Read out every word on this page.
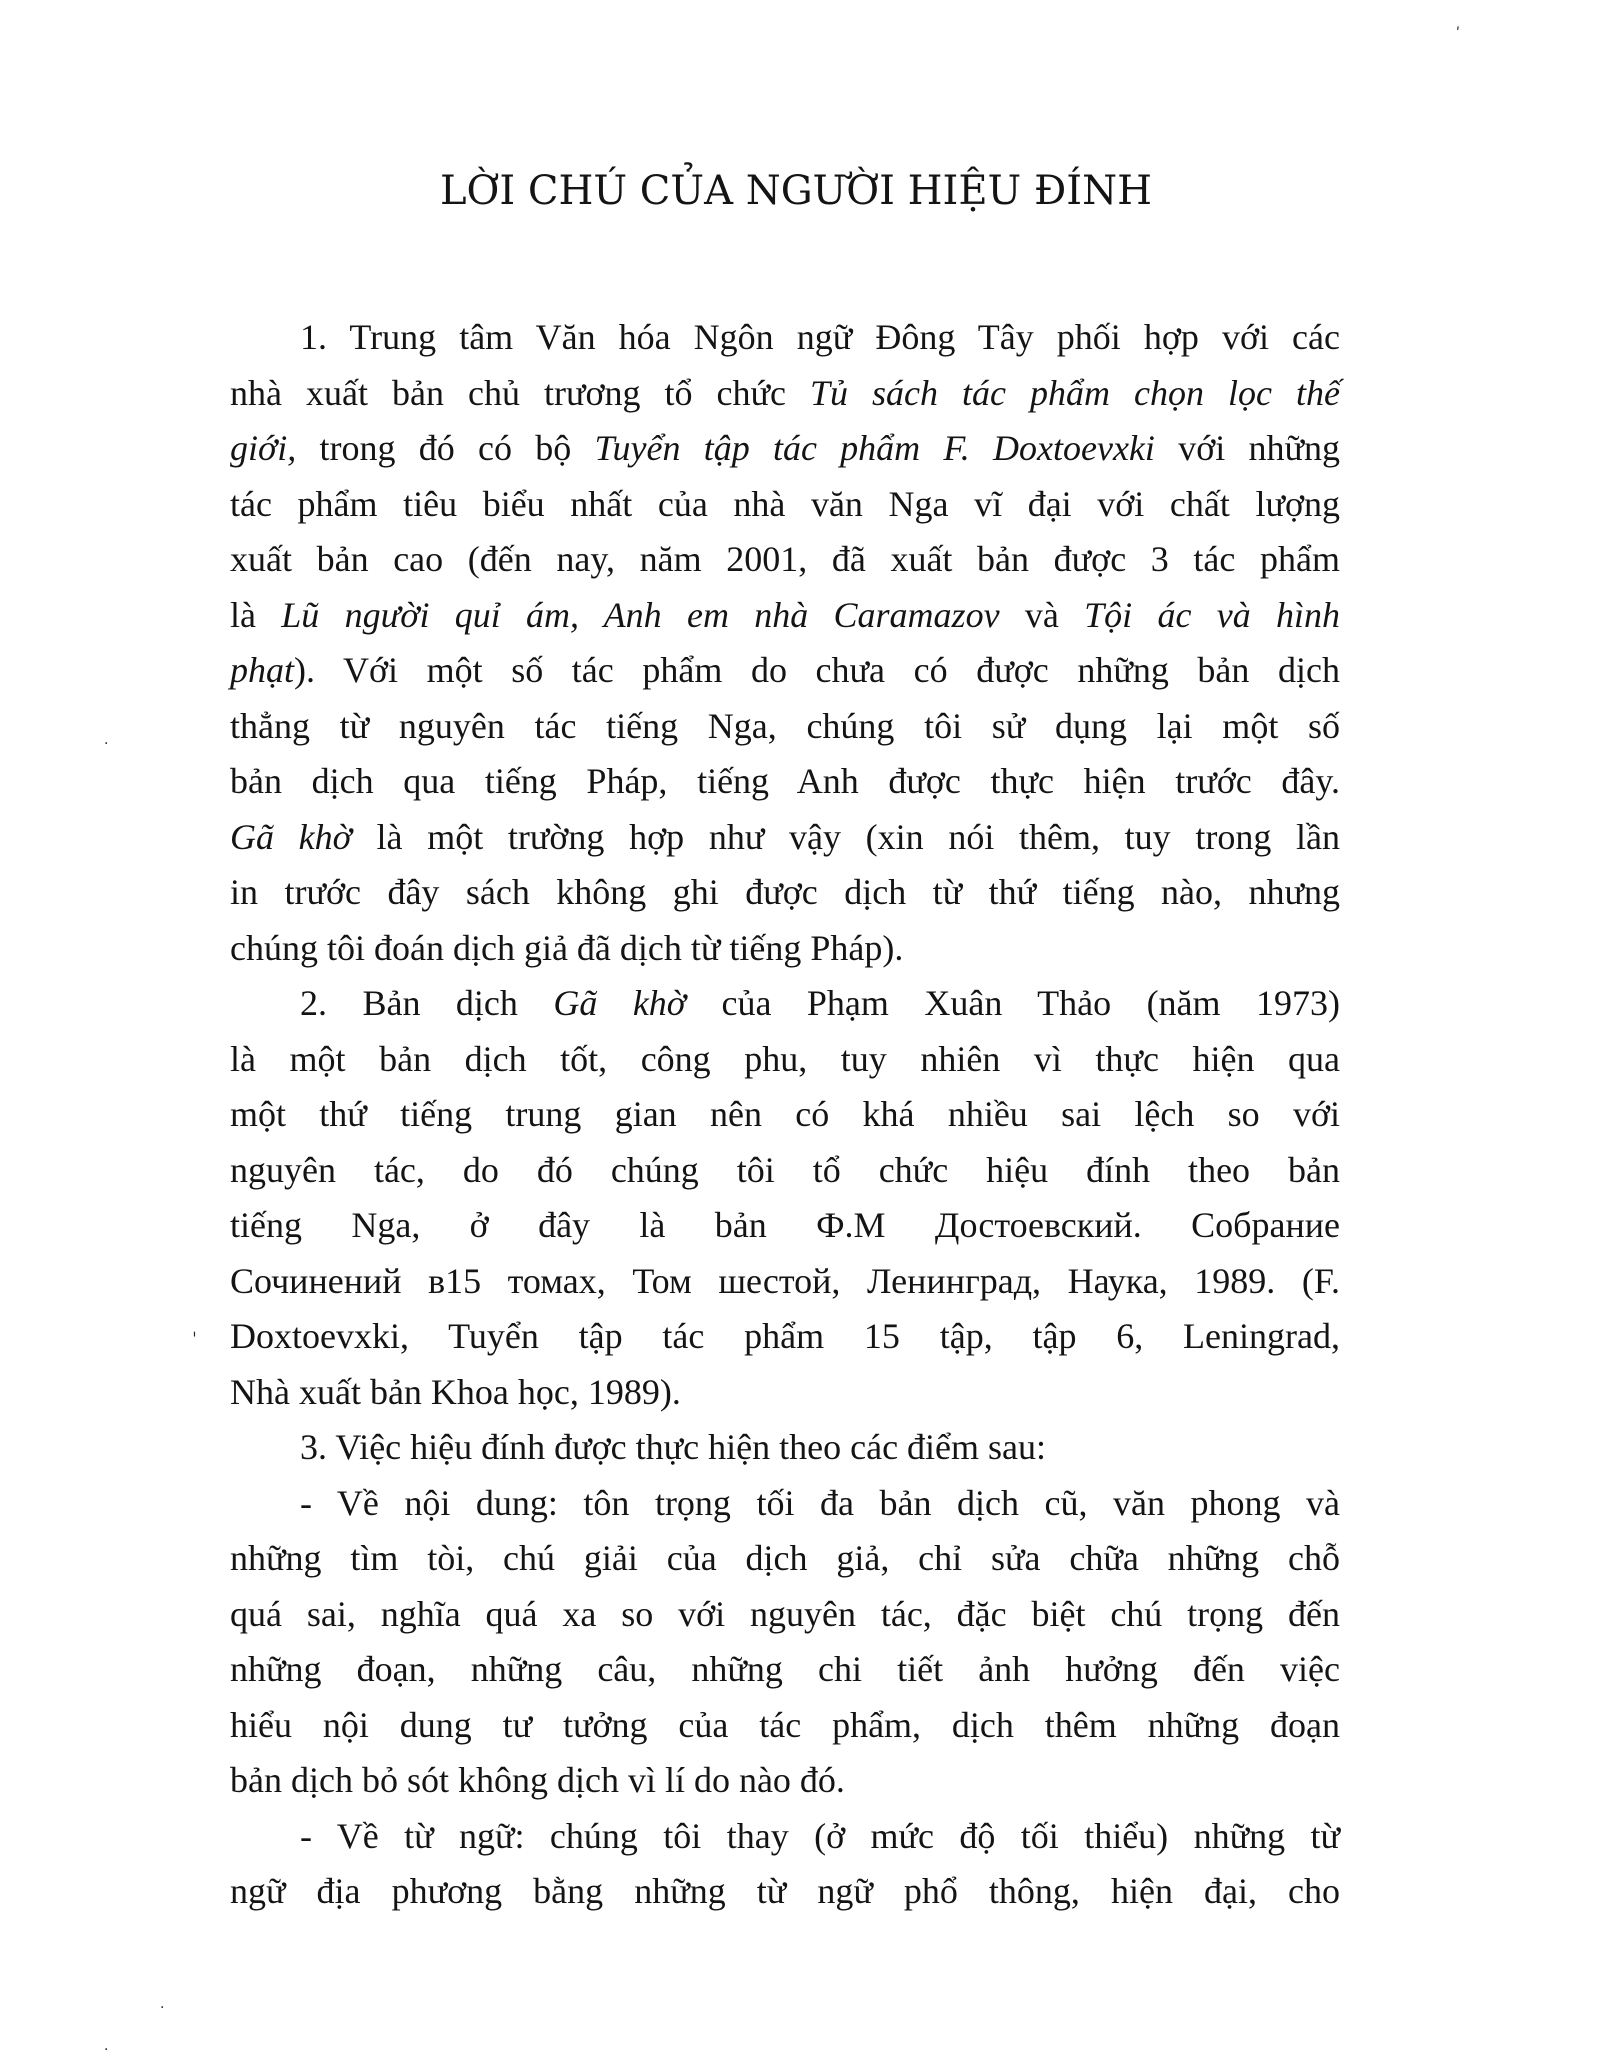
LỜI CHÚ CỦA NGƯỜI HIỆU ĐÍNH
1. Trung tâm Văn hóa Ngôn ngữ Đông Tây phối hợp với các
nhà xuất bản chủ trương tổ chức Tủ sách tác phẩm chọn lọc thế
giới, trong đó có bộ Tuyển tập tác phẩm F. Doxtoevxki với những
tác phẩm tiêu biểu nhất của nhà văn Nga vĩ đại với chất lượng
xuất bản cao (đến nay, năm 2001, đã xuất bản được 3 tác phẩm
là Lũ người quỉ ám, Anh em nhà Caramazov và Tội ác và hình
phạt). Với một số tác phẩm do chưa có được những bản dịch
thẳng từ nguyên tác tiếng Nga, chúng tôi sử dụng lại một số
bản dịch qua tiếng Pháp, tiếng Anh được thực hiện trước đây.
Gã khờ là một trường hợp như vậy (xin nói thêm, tuy trong lần
in trước đây sách không ghi được dịch từ thứ tiếng nào, nhưng
chúng tôi đoán dịch giả đã dịch từ tiếng Pháp).
2. Bản dịch Gã khờ của Phạm Xuân Thảo (năm 1973)
là một bản dịch tốt, công phu, tuy nhiên vì thực hiện qua
một thứ tiếng trung gian nên có khá nhiều sai lệch so với
nguyên tác, do đó chúng tôi tổ chức hiệu đính theo bản
tiếng Nga, ở đây là bản Ф.М Достоевский. Собрание
Сочинений в15 томах, Том шестой, Ленинград, Наука, 1989. (F.
Doxtoevxki, Tuyển tập tác phẩm 15 tập, tập 6, Leningrad,
Nhà xuất bản Khoa học, 1989).
3. Việc hiệu đính được thực hiện theo các điểm sau:
- Về nội dung: tôn trọng tối đa bản dịch cũ, văn phong và
những tìm tòi, chú giải của dịch giả, chỉ sửa chữa những chỗ
quá sai, nghĩa quá xa so với nguyên tác, đặc biệt chú trọng đến
những đoạn, những câu, những chi tiết ảnh hưởng đến việc
hiểu nội dung tư tưởng của tác phẩm, dịch thêm những đoạn
bản dịch bỏ sót không dịch vì lí do nào đó.
- Về từ ngữ: chúng tôi thay (ở mức độ tối thiểu) những từ
ngữ địa phương bằng những từ ngữ phổ thông, hiện đại, cho
ʹ
·
ˌ
·
·
